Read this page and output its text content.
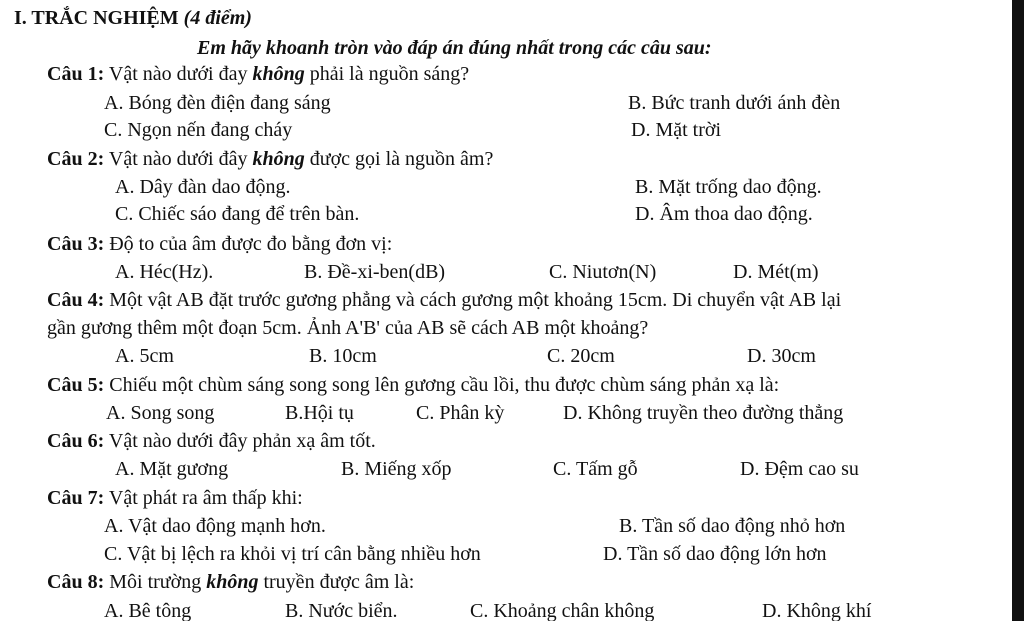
I. TRẮC NGHIỆM (4 điểm)
Em hãy khoanh tròn vào đáp án đúng nhất trong các câu sau:
Câu 1: Vật nào dưới đay không phải là nguồn sáng?
A. Bóng đèn điện đang sáng	B. Bức tranh dưới ánh đèn
C. Ngọn nến đang cháy	D. Mặt trời
Câu 2: Vật nào dưới đây không được gọi là nguồn âm?
A. Dây đàn dao động.	B. Mặt trống dao động.
C. Chiếc sáo đang để trên bàn.	D. Âm thoa dao động.
Câu 3: Độ to của âm được đo bằng đơn vị:
A. Héc(Hz).	B. Đề-xi-ben(dB)	C. Niutơn(N)	D. Mét(m)
Câu 4: Một vật AB đặt trước gương phẳng và cách gương một khoảng 15cm. Di chuyển vật AB lại
gần gương thêm một đoạn 5cm. Ảnh A'B' của AB sẽ cách AB một khoảng?
A. 5cm	B. 10cm	C. 20cm	D. 30cm
Câu 5: Chiếu một chùm sáng song song lên gương cầu lồi, thu được chùm sáng phản xạ là:
A. Song song	B.Hội tụ	C. Phân kỳ	D. Không truyền theo đường thẳng
Câu 6: Vật nào dưới đây phản xạ âm tốt.
A. Mặt gương	B. Miếng xốp	C. Tấm gỗ	D. Đệm cao su
Câu 7: Vật phát ra âm thấp khi:
A. Vật dao động mạnh hơn.	B. Tần số dao động nhỏ hơn
C. Vật bị lệch ra khỏi vị trí cân bằng nhiều hơn	D. Tần số dao động lớn hơn
Câu 8: Môi trường không truyền được âm là:
A. Bê tông	B. Nước biển.	C. Khoảng chân không	D. Không khí
